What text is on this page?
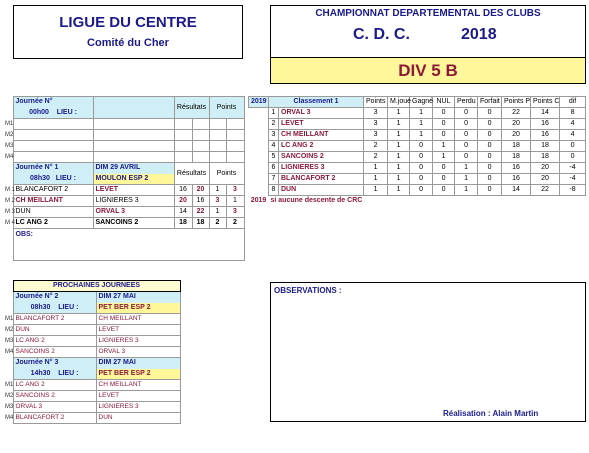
LIGUE DU CENTRE
Comité du Cher
CHAMPIONNAT DEPARTEMENTAL DES CLUBS
C. D. C.	2018
DIV 5 B
	Journée N°		Résultats		Points	
	00h00 LIEU :					
M1						
M2						
M3						
M4						
	Journée N° 1	DIM 29 AVRIL	Résultats		Points	
	08h30 LIEU :	MOULON ESP 2				
M 1	BLANCAFORT 2	LEVET	16	20	1	3
M 2	CH MEILLANT	LIGNIERES 3	20	16	3	1
M 3	DUN	ORVAL 3	14	22	1	3
M 4	LC ANG 2	SANCOINS 2	18	18	2	2
	OBS:					
2019	Classement 1		Points	M.joué	Gagné	NUL	Perdu	Forfait	Points P	Points C	dif
	1	ORVAL 3	3	1	1	0	0	0	22	14	8
	2	LEVET	3	1	1	0	0	0	20	16	4
	3	CH MEILLANT	3	1	1	0	0	0	20	16	4
	4	LC ANG 2	2	1	0	1	0	0	18	18	0
	5	SANCOINS 2	2	1	0	1	0	0	18	18	0
	6	LIGNIERES 3	1	1	0	0	1	0	16	20	-4
	7	BLANCAFORT 2	1	1	0	0	1	0	16	20	-4
	8	DUN	1	1	0	0	1	0	14	22	-8
2019	si aucune descente de CRC										
	PROCHAINES JOURNEES	
	Journée N° 2	DIM 27 MAI
	08h30 LIEU :	PET BER ESP 2
M1	BLANCAFORT 2	CH MEILLANT
M2	DUN	LEVET
M3	LC ANG 2	LIGNIERES 3
M4	SANCOINS 2	ORVAL 3
	Journée N° 3	DIM 27 MAI
	14h30 LIEU :	PET BER ESP 2
M1	LC ANG 2	CH MEILLANT
M2	SANCOINS 2	LEVET
M3	ORVAL 3	LIGNIERES 3
M4	BLANCAFORT 2	DUN
OBSERVATIONS :
Réalisation : Alain Martin
